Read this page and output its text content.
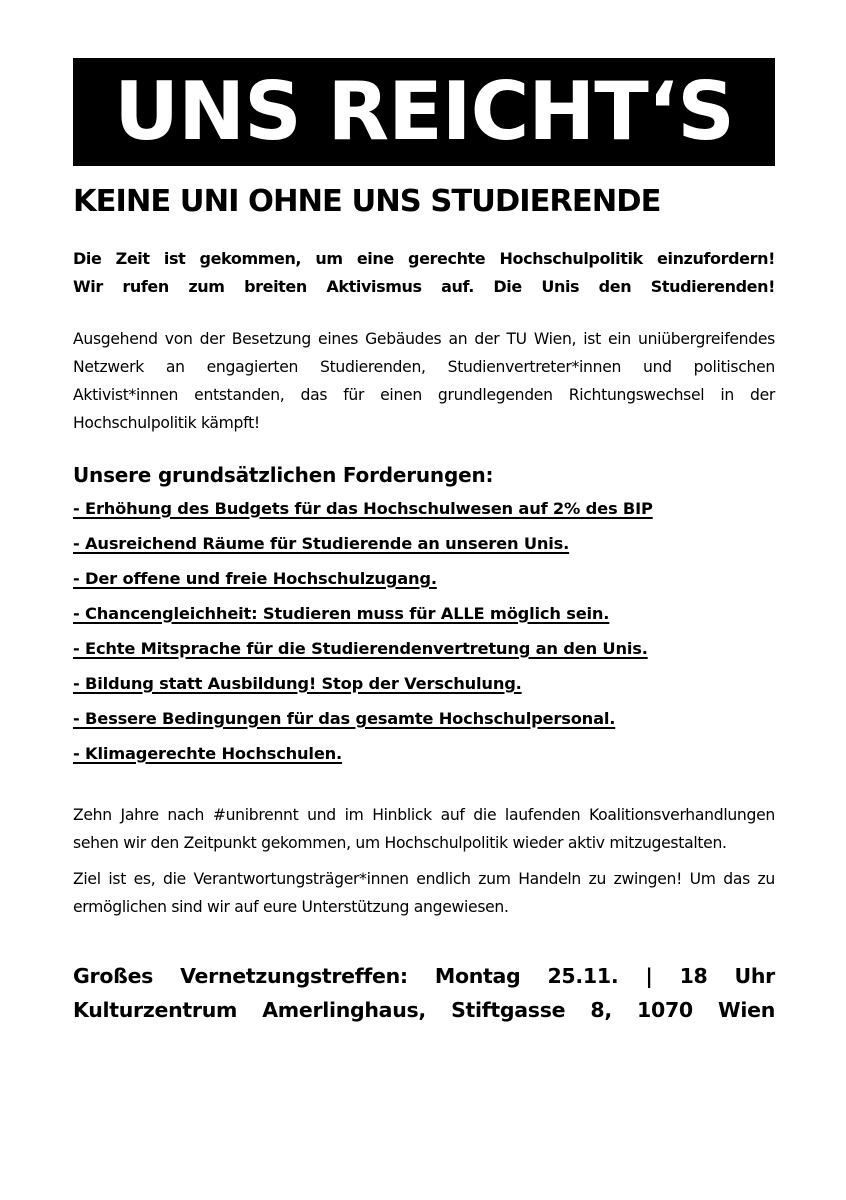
UNS REICHT‘S
KEINE UNI OHNE UNS STUDIERENDE

Die Zeit ist gekommen, um eine gerechte Hochschulpolitik einzufordern!

Wir rufen zum breiten Aktivismus auf. Die Unis den Studierenden!

Ausgehend von der Besetzung eines Gebäudes an der TU Wien, ist ein uniübergreifendes Netzwerk an engagierten Studierenden, Studienvertreter*innen und politischen Aktivist*innen entstanden, das für einen grundlegenden Richtungswechsel in der Hochschulpolitik kämpft!

Unsere grundsätzlichen Forderungen:
- Erhöhung des Budgets für das Hochschulwesen auf 2% des BIP
- Ausreichend Räume für Studierende an unseren Unis.
- Der offene und freie Hochschulzugang.
- Chancengleichheit: Studieren muss für ALLE möglich sein.
- Echte Mitsprache für die Studierendenvertretung an den Unis.
- Bildung statt Ausbildung! Stop der Verschulung.
- Bessere Bedingungen für das gesamte Hochschulpersonal.
- Klimagerechte Hochschulen.

Zehn Jahre nach #unibrennt und im Hinblick auf die laufenden Koalitionsverhandlungen sehen wir den Zeitpunkt gekommen, um Hochschulpolitik wieder aktiv mitzugestalten.

Ziel ist es, die Verantwortungsträger*innen endlich zum Handeln zu zwingen! Um das zu ermöglichen sind wir auf eure Unterstützung angewiesen.

Großes Vernetzungstreffen: Montag 25.11. | 18 Uhr
Kulturzentrum Amerlinghaus, Stiftgasse 8, 1070 Wien
